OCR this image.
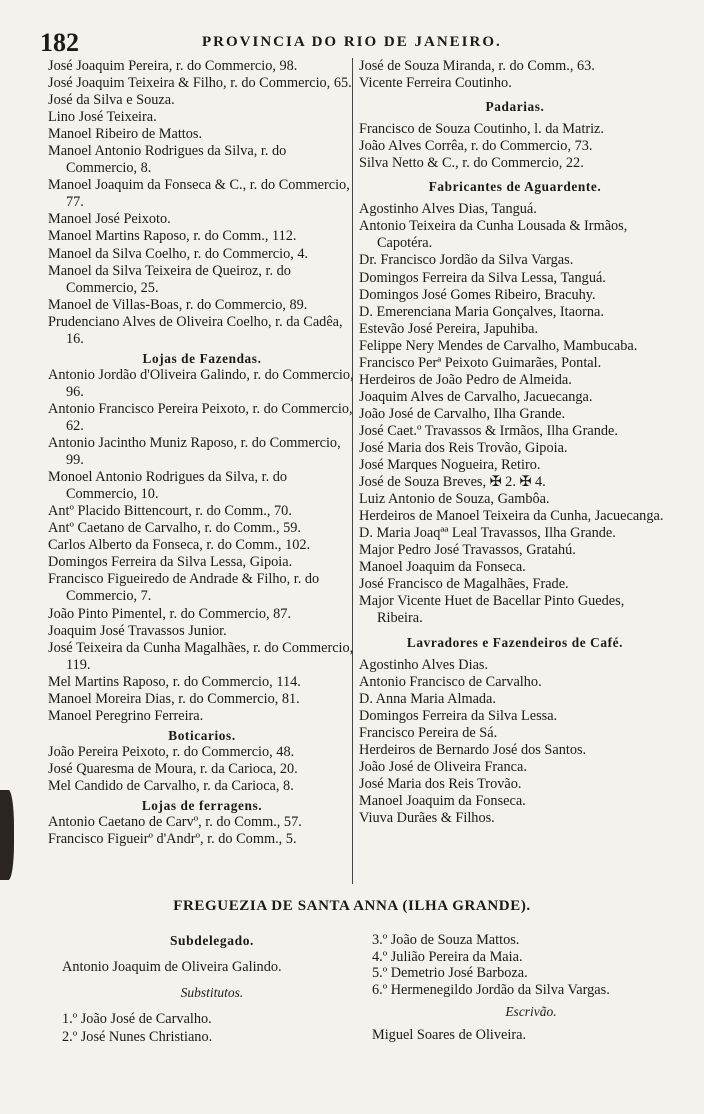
182	PROVINCIA DO RIO DE JANEIRO.
José Joaquim Pereira, r. do Commercio, 98.
José Joaquim Teixeira & Filho, r. do Commercio, 65.
José da Silva e Souza.
Lino José Teixeira.
Manoel Ribeiro de Mattos.
Manoel Antonio Rodrigues da Silva, r. do Commercio, 8.
Manoel Joaquim da Fonseca & C., r. do Commercio, 77.
Manoel José Peixoto.
Manoel Martins Raposo, r. do Comm., 112.
Manoel da Silva Coelho, r. do Commercio, 4.
Manoel da Silva Teixeira de Queiroz, r. do Commercio, 25.
Manoel de Villas-Boas, r. do Commercio, 89.
Prudenciano Alves de Oliveira Coelho, r. da Cadêa, 16.
Lojas de Fazendas.
Antonio Jordão d'Oliveira Galindo, r. do Commercio, 96.
Antonio Francisco Pereira Peixoto, r. do Commercio, 62.
Antonio Jacintho Muniz Raposo, r. do Commercio, 99.
Monoel Antonio Rodrigues da Silva, r. do Commercio, 10.
Antº Placido Bittencourt, r. do Comm., 70.
Antº Caetano de Carvalho, r. do Comm., 59.
Carlos Alberto da Fonseca, r. do Comm., 102.
Domingos Ferreira da Silva Lessa, Gipoia.
Francisco Figueiredo de Andrade & Filho, r. do Commercio, 7.
João Pinto Pimentel, r. do Commercio, 87.
Joaquim José Travassos Junior.
José Teixeira da Cunha Magalhães, r. do Commercio, 119.
Mel Martins Raposo, r. do Commercio, 114.
Manoel Moreira Dias, r. do Commercio, 81.
Manoel Peregrino Ferreira.
Boticarios.
João Pereira Peixoto, r. do Commercio, 48.
José Quaresma de Moura, r. da Carioca, 20.
Mel Candido de Carvalho, r. da Carioca, 8.
Lojas de ferragens.
Antonio Caetano de Carvº, r. do Comm., 57.
Francisco Figueirº d'Andrº, r. do Comm., 5.
José de Souza Miranda, r. do Comm., 63.
Vicente Ferreira Coutinho.
Padarias.
Francisco de Souza Coutinho, l. da Matriz.
João Alves Corrêa, r. do Commercio, 73.
Silva Netto & C., r. do Commercio, 22.
Fabricantes de Aguardente.
Agostinho Alves Dias, Tanguá.
Antonio Teixeira da Cunha Lousada & Irmãos, Capotéra.
Dr. Francisco Jordão da Silva Vargas.
Domingos Ferreira da Silva Lessa, Tanguá.
Domingos José Gomes Ribeiro, Bracuhy.
D. Emerenciana Maria Gonçalves, Itaorna.
Estevão José Pereira, Japuhiba.
Felippe Nery Mendes de Carvalho, Mambucaba.
Francisco Perª Peixoto Guimarães, Pontal.
Herdeiros de João Pedro de Almeida.
Joaquim Alves de Carvalho, Jacuecanga.
João José de Carvalho, Ilha Grande.
José Caet.º Travassos & Irmãos, Ilha Grande.
José Maria dos Reis Trovão, Gipoia.
José Marques Nogueira, Retiro.
José de Souza Breves, ✠ 2. ✠ 4.
Luiz Antonio de Souza, Gambôa.
Herdeiros de Manoel Teixeira da Cunha, Jacuecanga.
D. Maria Joaqªª Leal Travassos, Ilha Grande.
Major Pedro José Travassos, Gratahú.
Manoel Joaquim da Fonseca.
José Francisco de Magalhães, Frade.
Major Vicente Huet de Bacellar Pinto Guedes, Ribeira.
Lavradores e Fazendeiros de Café.
Agostinho Alves Dias.
Antonio Francisco de Carvalho.
D. Anna Maria Almada.
Domingos Ferreira da Silva Lessa.
Francisco Pereira de Sá.
Herdeiros de Bernardo José dos Santos.
João José de Oliveira Franca.
José Maria dos Reis Trovão.
Manoel Joaquim da Fonseca.
Viuva Durães & Filhos.
FREGUEZIA DE SANTA ANNA (ILHA GRANDE).
Subdelegado.
Antonio Joaquim de Oliveira Galindo.
Substitutos.
1.º João José de Carvalho.
2.º José Nunes Christiano.
3.º João de Souza Mattos.
4.º Julião Pereira da Maia.
5.º Demetrio José Barboza.
6.º Hermenegildo Jordão da Silva Vargas.
Escrivão.
Miguel Soares de Oliveira.
